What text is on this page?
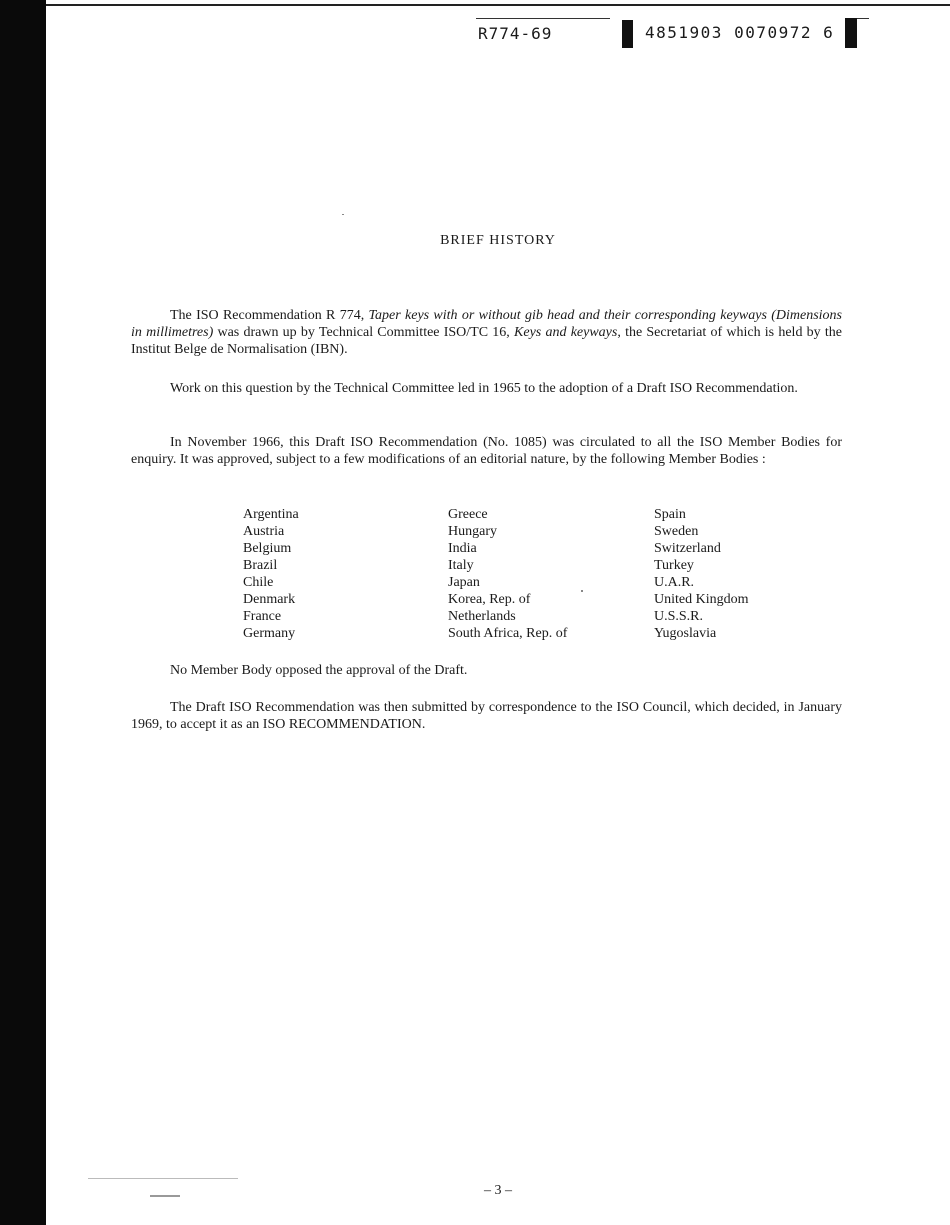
R774-69	4851903 0070972 6
BRIEF HISTORY

The ISO Recommendation R 774, Taper keys with or without gib head and their corresponding keyways (Dimensions in millimetres) was drawn up by Technical Committee ISO/TC 16, Keys and keyways, the Secretariat of which is held by the Institut Belge de Normalisation (IBN).

Work on this question by the Technical Committee led in 1965 to the adoption of a Draft ISO Recommendation.

In November 1966, this Draft ISO Recommendation (No. 1085) was circulated to all the ISO Member Bodies for enquiry. It was approved, subject to a few modifications of an editorial nature, by the following Member Bodies :

Argentina
Austria
Belgium
Brazil
Chile
Denmark
France
Germany
Greece
Hungary
India
Italy
Japan
Korea, Rep. of
Netherlands
South Africa, Rep. of
Spain
Sweden
Switzerland
Turkey
U.A.R.
United Kingdom
U.S.S.R.
Yugoslavia

No Member Body opposed the approval of the Draft.

The Draft ISO Recommendation was then submitted by correspondence to the ISO Council, which decided, in January 1969, to accept it as an ISO RECOMMENDATION.

– 3 –
